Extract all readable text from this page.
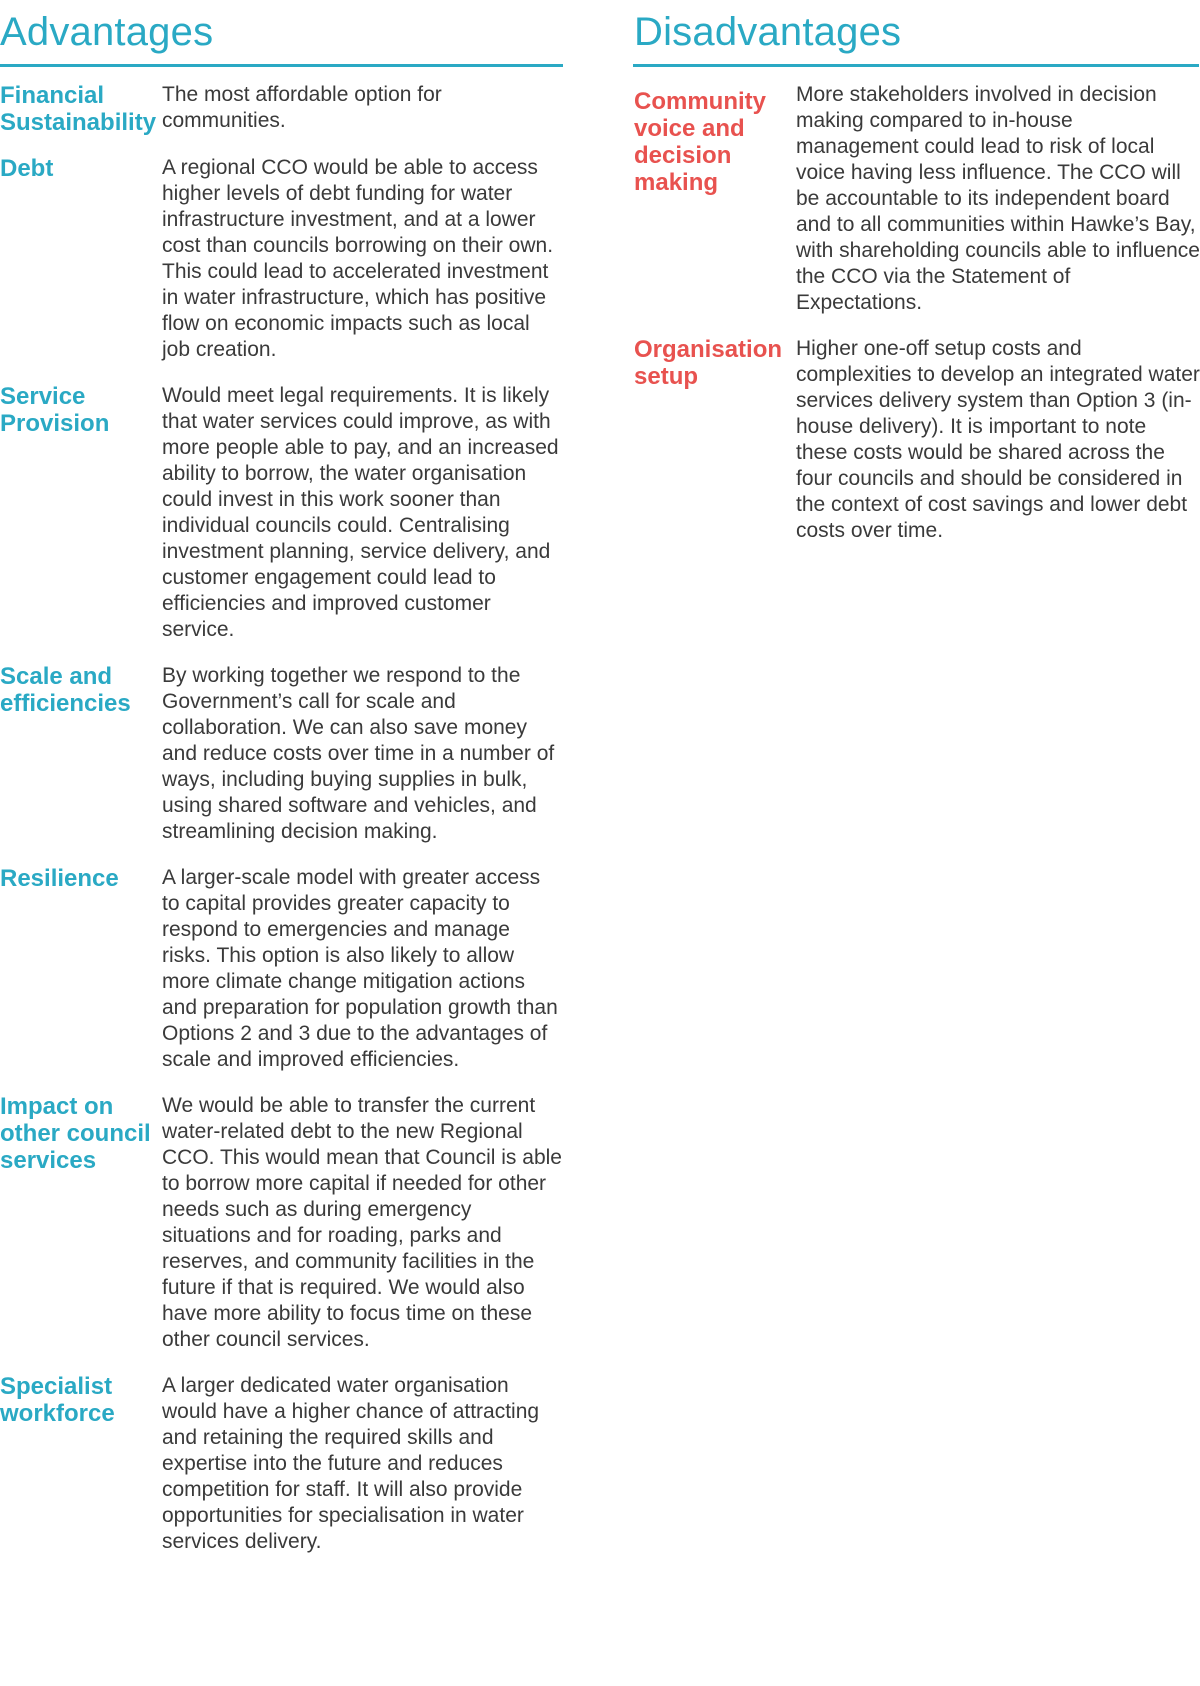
Advantages
Financial Sustainability
The most affordable option for communities.
Debt	A regional CCO would be able to access higher levels of debt funding for water infrastructure investment, and at a lower cost than councils borrowing on their own. This could lead to accelerated investment in water infrastructure, which has positive flow on economic impacts such as local job creation.
Service Provision
Would meet legal requirements. It is likely that water services could improve, as with more people able to pay, and an increased ability to borrow, the water organisation could invest in this work sooner than individual councils could. Centralising investment planning, service delivery, and customer engagement could lead to efficiencies and improved customer service.
Scale and efficiencies
By working together we respond to the Government’s call for scale and collaboration. We can also save money and reduce costs over time in a number of ways, including buying supplies in bulk, using shared software and vehicles, and streamlining decision making.
Resilience	A larger-scale model with greater access to capital provides greater capacity to respond to emergencies and manage risks. This option is also likely to allow more climate change mitigation actions and preparation for population growth than Options 2 and 3 due to the advantages of scale and improved efficiencies.
Impact on other council services
We would be able to transfer the current water-related debt to the new Regional CCO. This would mean that Council is able to borrow more capital if needed for other needs such as during emergency situations and for roading, parks and reserves, and community facilities in the future if that is required. We would also have more ability to focus time on these other council services.
Specialist workforce
A larger dedicated water organisation would have a higher chance of attracting and retaining the required skills and expertise into the future and reduces competition for staff. It will also provide opportunities for specialisation in water services delivery.
Disadvantages
Community voice and decision making
More stakeholders involved in decision making compared to in-house management could lead to risk of local voice having less influence. The CCO will be accountable to its independent board and to all communities within Hawke’s Bay, with shareholding councils able to influence the CCO via the Statement of Expectations.
Organisation setup
Higher one-off setup costs and complexities to develop an integrated water services delivery system than Option 3 (in-house delivery). It is important to note these costs would be shared across the four councils and should be considered in the context of cost savings and lower debt costs over time.
